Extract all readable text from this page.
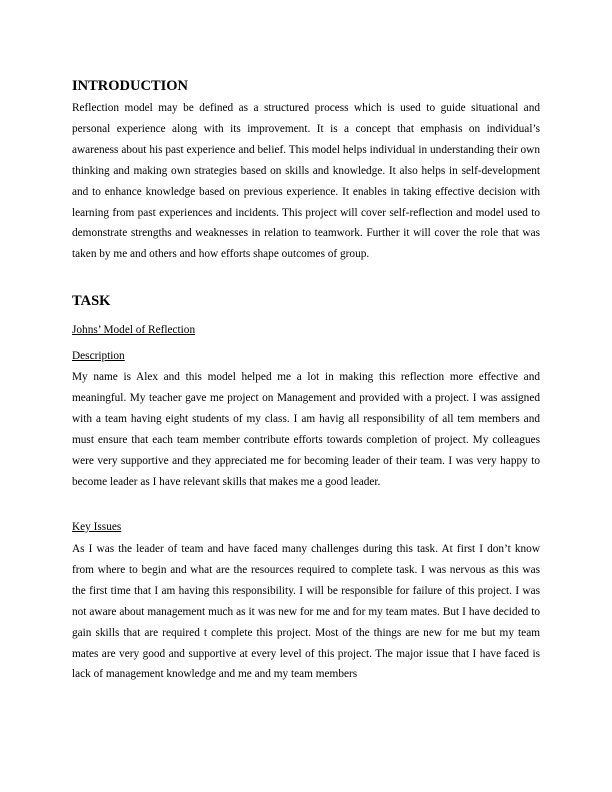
INTRODUCTION

Reflection model may be defined as a structured process which is used to guide situational and personal experience along with its improvement. It is a concept that emphasis on individual’s awareness about his past experience and belief. This model helps individual in understanding their own thinking and making own strategies based on skills and knowledge. It also helps in self-development and to enhance knowledge based on previous experience. It enables in taking effective decision with learning from past experiences and incidents. This project will cover self-reflection and model used to demonstrate strengths and weaknesses in relation to teamwork. Further it will cover the role that was taken by me and others and how efforts shape outcomes of group.

TASK

Johns’ Model of Reflection

Description

My name is Alex and this model helped me a lot in making this reflection more effective and meaningful. My teacher gave me project on Management and provided with a project. I was assigned with a team having eight students of my class. I am havig all responsibility of all tem members and must ensure that each team member contribute efforts towards completion of project. My colleagues were very supportive and they appreciated me for becoming leader of their team. I was very happy to become leader as I have relevant skills that makes me a good leader.

Key Issues

As I was the leader of team and have faced many challenges during this task. At first I don’t know from where to begin and what are the resources required to complete task. I was nervous as this was the first time that I am having this responsibility. I will be responsible for failure of this project. I was not aware about management much as it was new for me and for my team mates. But I have decided to gain skills that are required t complete this project. Most of the things are new for me but my team mates are very good and supportive at every level of this project. The major issue that I have faced is lack of management knowledge and me and my team members
